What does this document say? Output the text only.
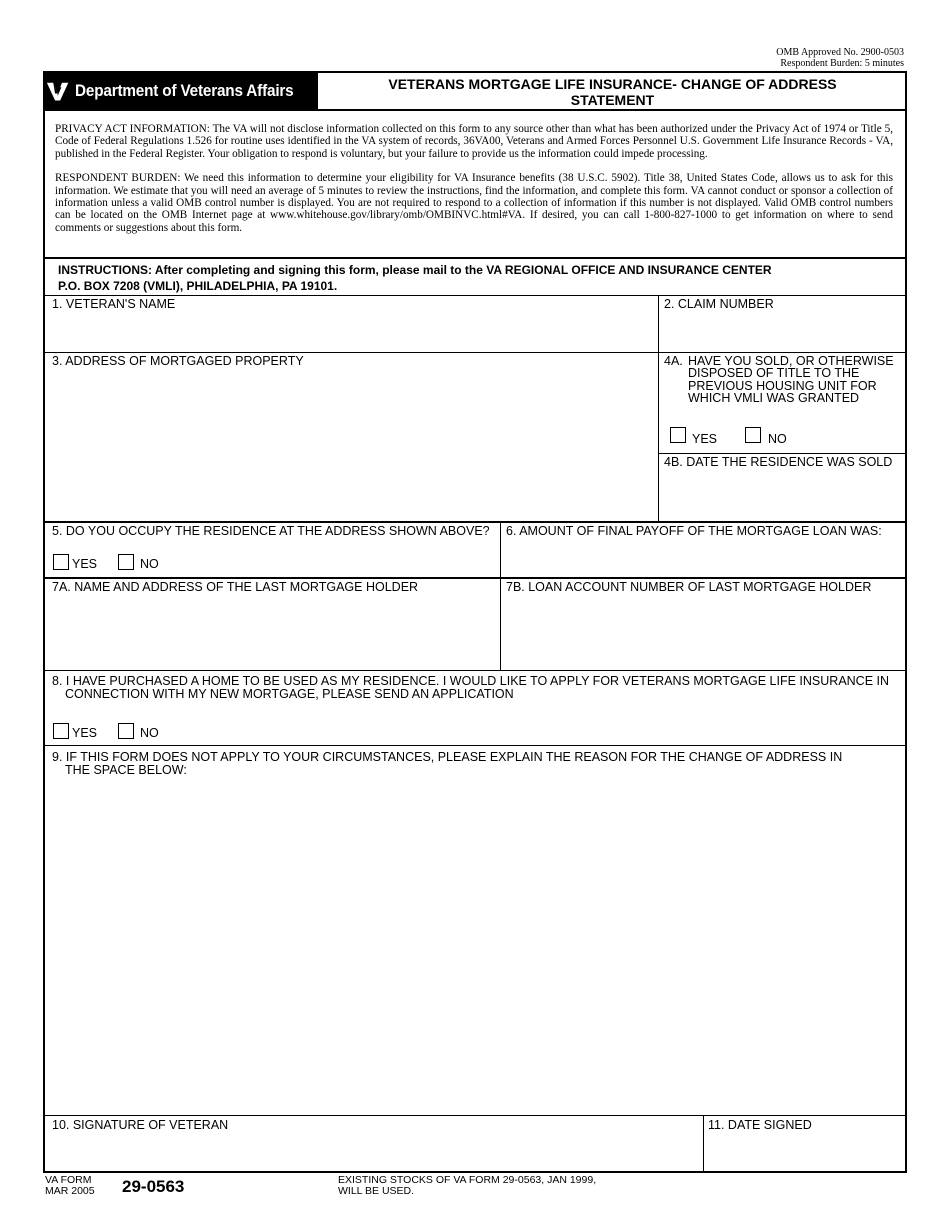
OMB Approved No. 2900-0503
Respondent Burden: 5 minutes
Department of Veterans Affairs	VETERANS MORTGAGE LIFE INSURANCE- CHANGE OF ADDRESS
STATEMENT

PRIVACY ACT INFORMATION: The VA will not disclose information collected on this form to any source other than what has been authorized under the Privacy Act of 1974 or Title 5, Code of Federal Regulations 1.526 for routine uses identified in the VA system of records, 36VA00, Veterans and Armed Forces Personnel U.S. Government Life Insurance Records - VA, published in the Federal Register. Your obligation to respond is voluntary, but your failure to provide us the information could impede processing.

RESPONDENT BURDEN: We need this information to determine your eligibility for VA Insurance benefits (38 U.S.C. 5902). Title 38, United States Code, allows us to ask for this information. We estimate that you will need an average of 5 minutes to review the instructions, find the information, and complete this form. VA cannot conduct or sponsor a collection of information unless a valid OMB control number is displayed. You are not required to respond to a collection of information if this number is not displayed. Valid OMB control numbers can be located on the OMB Internet page at www.whitehouse.gov/library/omb/OMBINVC.html#VA. If desired, you can call 1-800-827-1000 to get information on where to send comments or suggestions about this form.

INSTRUCTIONS: After completing and signing this form, please mail to the VA REGIONAL OFFICE AND INSURANCE CENTER
P.O. BOX 7208 (VMLI), PHILADELPHIA, PA 19101.
1. VETERAN'S NAME	2. CLAIM NUMBER
3. ADDRESS OF MORTGAGED PROPERTY	4A. HAVE YOU SOLD, OR OTHERWISE
DISPOSED OF TITLE TO THE
PREVIOUS HOUSING UNIT FOR
WHICH VMLI WAS GRANTED
YES	NO
4B. DATE THE RESIDENCE WAS SOLD
5. DO YOU OCCUPY THE RESIDENCE AT THE ADDRESS SHOWN ABOVE?
YES	NO
6. AMOUNT OF FINAL PAYOFF OF THE MORTGAGE LOAN WAS:
7A. NAME AND ADDRESS OF THE LAST MORTGAGE HOLDER	7B. LOAN ACCOUNT NUMBER OF LAST MORTGAGE HOLDER
8. I HAVE PURCHASED A HOME TO BE USED AS MY RESIDENCE. I WOULD LIKE TO APPLY FOR VETERANS MORTGAGE LIFE INSURANCE IN
CONNECTION WITH MY NEW MORTGAGE, PLEASE SEND AN APPLICATION
YES	NO
9. IF THIS FORM DOES NOT APPLY TO YOUR CIRCUMSTANCES, PLEASE EXPLAIN THE REASON FOR THE CHANGE OF ADDRESS IN
THE SPACE BELOW:
10. SIGNATURE OF VETERAN	11. DATE SIGNED
VA FORM
MAR 2005 29-0563	EXISTING STOCKS OF VA FORM 29-0563, JAN 1999,
WILL BE USED.
